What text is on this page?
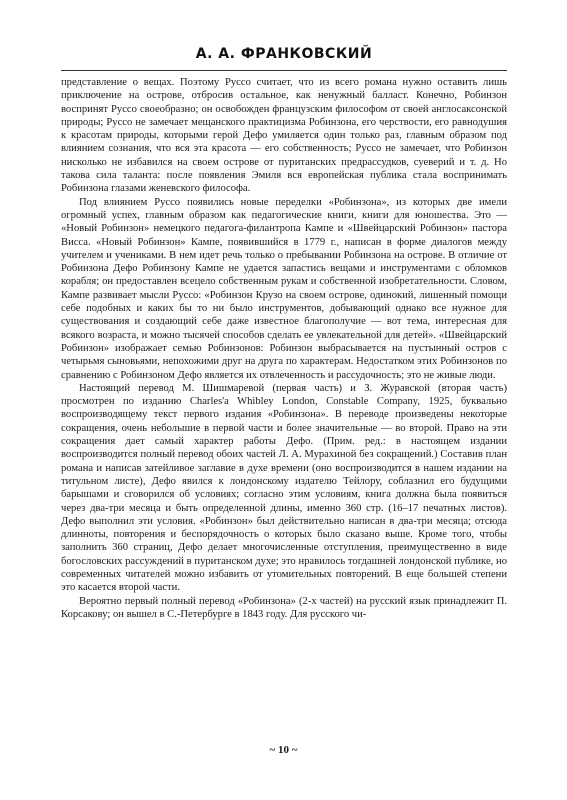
А. А. ФРАНКОВСКИЙ

представление о вещах. Поэтому Руссо считает, что из всего романа нужно оставить лишь приключение на острове, отбросив остальное, как ненужный балласт. Конечно, Робинзон воспринят Руссо своеобразно; он освобожден французским философом от своей англосаксонской природы; Руссо не замечает мещанского практицизма Робинзона, его черствости, его равнодушия к красотам природы, которыми герой Дефо умиляется один только раз, главным образом под влиянием сознания, что вся эта красота — его собственность; Руссо не замечает, что Робинзон нисколько не избавился на своем острове от пуританских предрассудков, суеверий и т. д. Но такова сила таланта: после появления Эмиля вся европейская публика стала воспринимать Робинзона глазами женевского философа.

Под влиянием Руссо появились новые переделки «Робинзона», из которых две имели огромный успех, главным образом как педагогические книги, книги для юношества. Это — «Новый Робинзон» немецкого педагога-филантропа Кампе и «Швейцарский Робинзон» пастора Висса. «Новый Робинзон» Кампе, появившийся в 1779 г., написан в форме диалогов между учителем и учениками. В нем идет речь только о пребывании Робинзона на острове. В отличие от Робинзона Дефо Робинзону Кампе не удается запастись вещами и инструментами с обломков корабля; он предоставлен всецело собственным рукам и собственной изобретательности. Словом, Кампе развивает мысли Руссо: «Робинзон Крузо на своем острове, одинокий, лишенный помощи себе подобных и каких бы то ни было инструментов, добывающий однако все нужное для существования и создающий себе даже известное благополучие — вот тема, интересная для всякого возраста, и можно тысячей способов сделать ее увлекательной для детей». «Швейцарский Робинзон» изображает семью Робинзонов: Робинзон выбрасывается на пустынный остров с четырьмя сыновьями, непохожими друг на друга по характерам. Недостатком этих Робинзонов по сравнению с Робинзоном Дефо является их отвлеченность и рассудочность; это не живые люди.

Настоящий перевод М. Шишмаревой (первая часть) и З. Журавской (вторая часть) просмотрен по изданию Charles'a Whibley London, Constable Company, 1925, буквально воспроизводящему текст первого издания «Робинзона». В переводе произведены некоторые сокращения, очень небольшие в первой части и более значительные — во второй. Право на эти сокращения дает самый характер работы Дефо. (Прим. ред.: в настоящем издании воспроизводится полный перевод обоих частей Л. А. Мурахиной без сокращений.) Составив план романа и написав затейливое заглавие в духе времени (оно воспроизводится в нашем издании на титульном листе), Дефо явился к лондонскому издателю Тейлору, соблазнил его будущими барышами и сговорился об условиях; согласно этим условиям, книга должна была появиться через два-три месяца и быть определенной длины, именно 360 стр. (16–17 печатных листов). Дефо выполнил эти условия. «Робинзон» был действительно написан в два-три месяца; отсюда длинноты, повторения и беспорядочность о которых было сказано выше. Кроме того, чтобы заполнить 360 страниц, Дефо делает многочисленные отступления, преимущественно в виде богословских рассуждений в пуританском духе; это нравилось тогдашней лондонской публике, но современных читателей можно избавить от утомительных повторений. В еще большей степени это касается второй части.

Вероятно первый полный перевод «Робинзона» (2-х частей) на русский язык принадлежит П. Корсакову; он вышел в С.-Петербурге в 1843 году. Для русского чи-

~ 10 ~
